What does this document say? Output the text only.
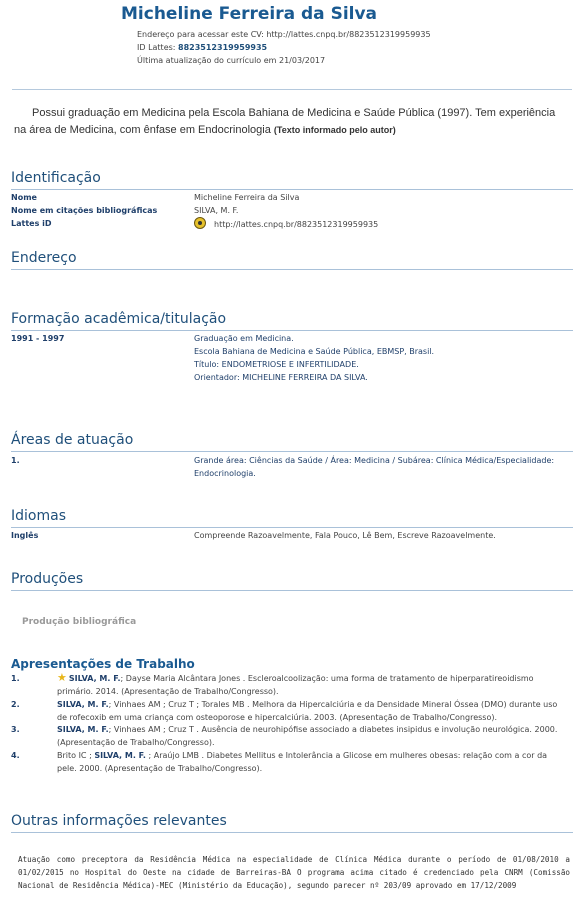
Micheline Ferreira da Silva
Endereço para acessar este CV: http://lattes.cnpq.br/8823512319959935
ID Lattes: 8823512319959935
Última atualização do currículo em 21/03/2017
Possui graduação em Medicina pela Escola Bahiana de Medicina e Saúde Pública (1997). Tem experiência na área de Medicina, com ênfase em Endocrinologia (Texto informado pelo autor)
Identificação
Nome	Micheline Ferreira da Silva
Nome em citações bibliográficas	SILVA, M. F.
Lattes iD	http://lattes.cnpq.br/8823512319959935
Endereço
Formação acadêmica/titulação
1991 - 1997	Graduação em Medicina.
Escola Bahiana de Medicina e Saúde Pública, EBMSP, Brasil.
Título: ENDOMETRIOSE E INFERTILIDADE.
Orientador: MICHELINE FERREIRA DA SILVA.
Áreas de atuação
1.	Grande área: Ciências da Saúde / Área: Medicina / Subárea: Clínica Médica/Especialidade:
Endocrinologia.
Idiomas
Inglês	Compreende Razoavelmente, Fala Pouco, Lê Bem, Escreve Razoavelmente.
Produções
Produção bibliográfica
Apresentações de Trabalho
1.	★ SILVA, M. F.; Dayse Maria Alcântara Jones . Escleroalcoolização: uma forma de tratamento de hiperparatireoidismo primário. 2014. (Apresentação de Trabalho/Congresso).
2.	SILVA, M. F.; Vinhaes AM ; Cruz T ; Torales MB . Melhora da Hipercalciúria e da Densidade Mineral Óssea (DMO) durante uso de rofecoxib em uma criança com osteoporose e hipercalciúria. 2003. (Apresentação de Trabalho/Congresso).
3.	SILVA, M. F.; Vinhaes AM ; Cruz T . Ausência de neurohipófise associado a diabetes insipidus e involução neurológica. 2000. (Apresentação de Trabalho/Congresso).
4.	Brito IC ; SILVA, M. F. ; Araújo LMB . Diabetes Mellitus e Intolerância a Glicose em mulheres obesas: relação com a cor da pele. 2000. (Apresentação de Trabalho/Congresso).
Outras informações relevantes
Atuação como preceptora da Residência Médica na especialidade de Clínica Médica durante o período de 01/08/2010 a 01/02/2015 no Hospital do Oeste na cidade de Barreiras-BA O programa acima citado é credenciado pela CNRM (Comissão Nacional de Residência Médica)-MEC (Ministério da Educação), segundo parecer nº 203/09 aprovado em 17/12/2009
